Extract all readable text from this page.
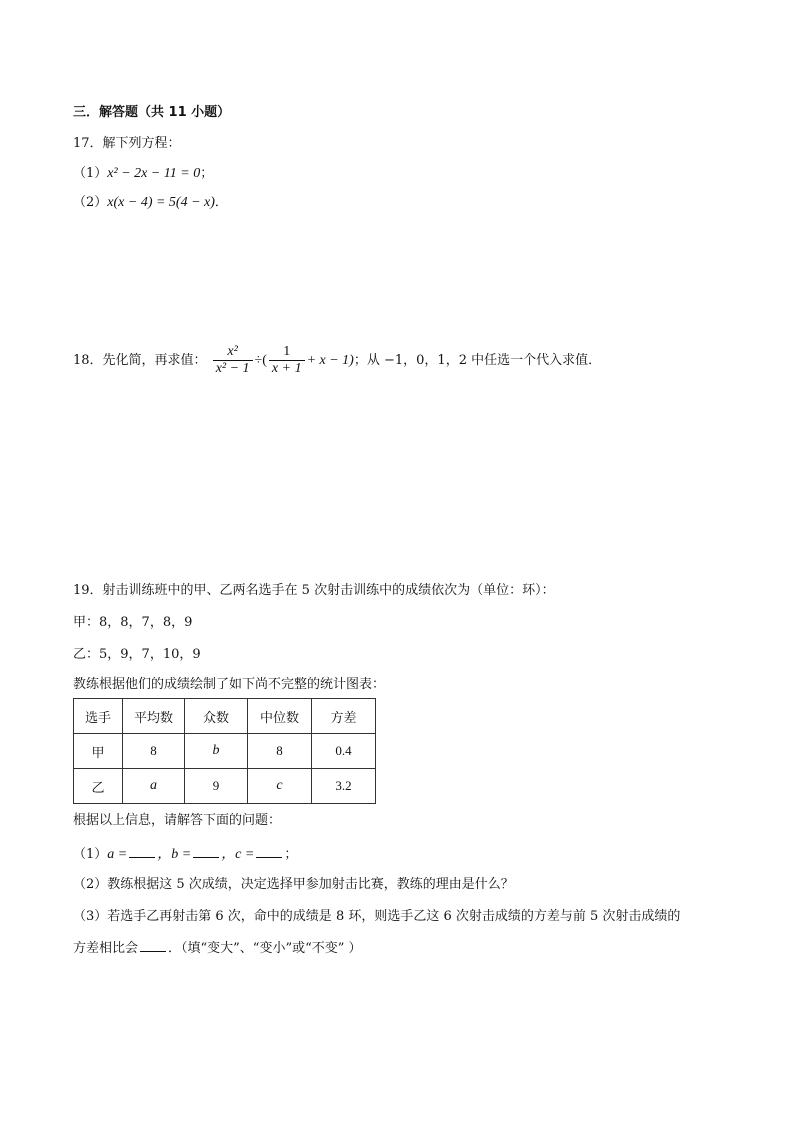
三．解答题（共 11 小题）
17．解下列方程：
（1）x² − 2x − 11 = 0；
（2）x(x − 4) = 5(4 − x)．
18．先化简，再求值： $\frac{\text{x²}}{\text{x² − 1}}$ ÷( $\frac{1}{x + 1} + x - 1$)；从 −1，0，1，2 中任选一个代入求值．
19．射击训练班中的甲、乙两名选手在 5 次射击训练中的成绩依次为（单位：环）：
甲：8，8，7，8，9
乙：5，9，7，10，9
教练根据他们的成绩绘制了如下尚不完整的统计图表：
选手	平均数	众数	中位数	方差
甲	8	b	8	0.4
乙	a	9	c	3.2
根据以上信息，请解答下面的问题：
（1）a = ，b = ，c = ；
（2）教练根据这 5 次成绩，决定选择甲参加射击比赛，教练的理由是什么？
（3）若选手乙再射击第 6 次，命中的成绩是 8 环，则选手乙这 6 次射击成绩的方差与前 5 次射击成绩的
方差相比会 ．（填“变大”、“变小”或“不变” ）
